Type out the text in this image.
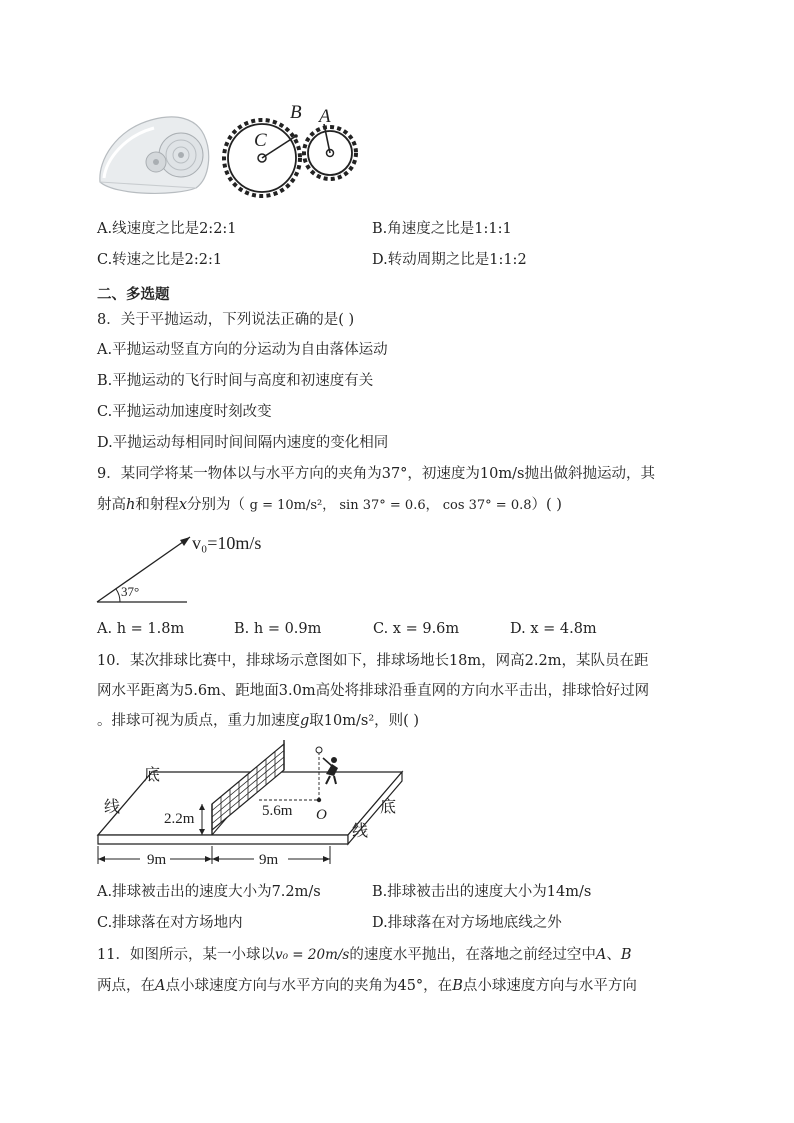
B A
C
A.线速度之比是2:2:1	B.角速度之比是1:1:1
C.转速之比是2:2:1	D.转动周期之比是1:1:2
二、多选题
8．关于平抛运动，下列说法正确的是( )
A.平抛运动竖直方向的分运动为自由落体运动
B.平抛运动的飞行时间与高度和初速度有关
C.平抛运动加速度时刻改变
D.平抛运动每相同时间间隔内速度的变化相同
9．某同学将某一物体以与水平方向的夹角为37°，初速度为10m/s抛出做斜抛运动，其
射高h和射程x分别为（ g = 10m/s²， sin 37° = 0.6， cos 37° = 0.8）( )
37°
v₀=10m/s
A. h = 1.8m	B. h = 0.9m	C. x = 9.6m	D. x = 4.8m
10．某次排球比赛中，排球场示意图如下，排球场地长18m，网高2.2m，某队员在距
网水平距离为5.6m、距地面3.0m高处将排球沿垂直网的方向水平击出，排球恰好过网
。排球可视为质点，重力加速度g取10m/s²，则( )
底
线	底
线
2.2m	5.6m O
9m	9m
A.排球被击出的速度大小为7.2m/s	B.排球被击出的速度大小为14m/s
C.排球落在对方场地内	D.排球落在对方场地底线之外
11．如图所示，某一小球以v₀ = 20m/s的速度水平抛出，在落地之前经过空中A、B
两点，在A点小球速度方向与水平方向的夹角为45°，在B点小球速度方向与水平方向
